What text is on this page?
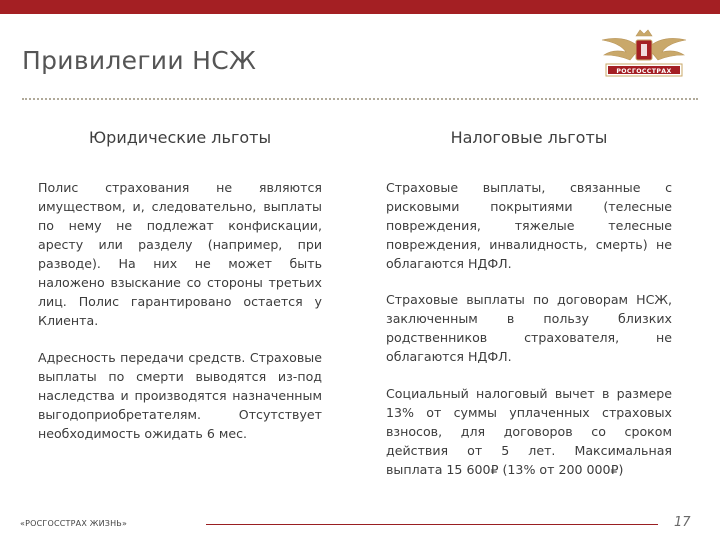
Привилегии НСЖ	РОСГОССТРАХ
Юридические льготы	Налоговые льготы

Полис страхования не являются имуществом, и, следовательно, выплаты по нему не подлежат конфискации, аресту или разделу (например, при разводе). На них не может быть наложено взыскание со стороны третьих лиц. Полис гарантировано остается у Клиента.

Адресность передачи средств. Страховые выплаты по смерти выводятся из-под наследства и производятся назначенным выгодоприобретателям. Отсутствует необходимость ожидать 6 мес.

Страховые выплаты, связанные с рисковыми покрытиями (телесные повреждения, тяжелые телесные повреждения, инвалидность, смерть) не облагаются НДФЛ.

Страховые выплаты по договорам НСЖ, заключенным в пользу близких родственников страхователя, не облагаются НДФЛ.

Социальный налоговый вычет в размере 13% от суммы уплаченных страховых взносов, для договоров со сроком действия от 5 лет. Максимальная выплата 15 600₽ (13% от 200 000₽)

«РОСГОССТРАХ ЖИЗНЬ»	17
